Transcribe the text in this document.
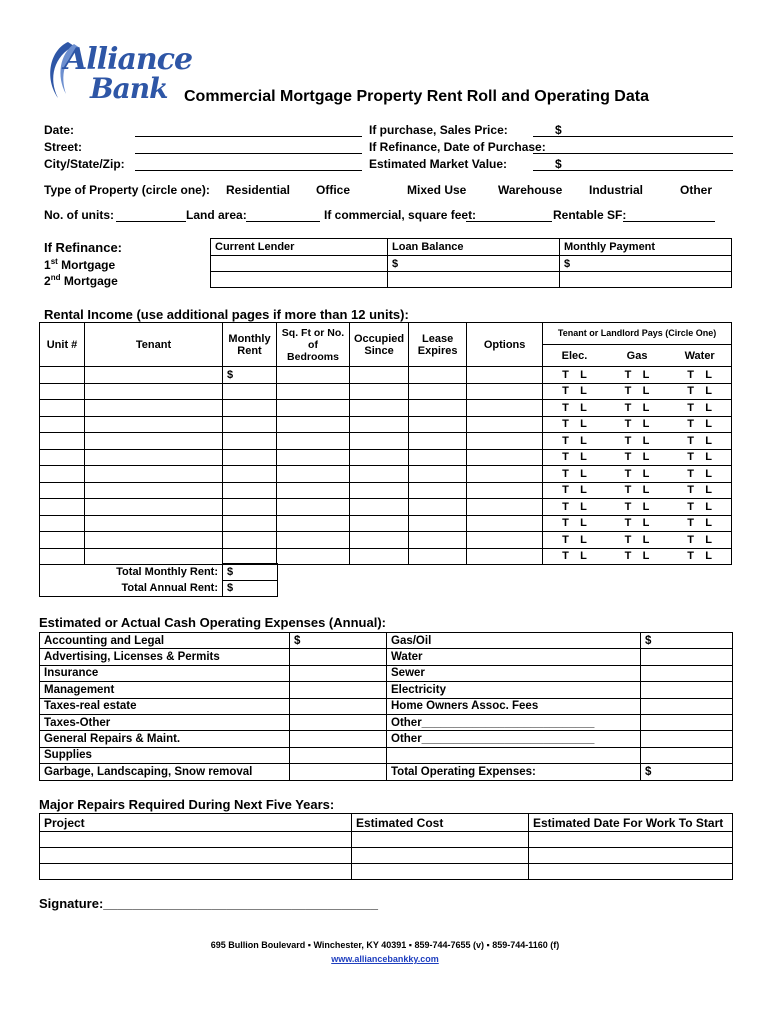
Alliance
Bank Commercial Mortgage Property Rent Roll and Operating Data
Date:
Street:
City/State/Zip:
If purchase, Sales Price:
If Refinance, Date of Purchase:
Estimated Market Value:
$
$
Type of Property (circle one): Residential Office	Mixed Use	Warehouse Industrial	Other
No. of units:	Land area:	If commercial, square feet:	Rentable SF:
If Refinance:
1st Mortgage
2nd Mortgage
Current Lender	Loan Balance	Monthly Payment
	$	$

Rental Income (use additional pages if more than 12 units):
Unit #	Tenant	Monthly Rent	Sq. Ft or No. of Bedrooms	Occupied Since	Lease Expires	Options	Tenant or Landlord Pays (Circle One)		
							Elec.	Gas	Water
		$					T L	T L	T L
							T L	T L	T L
							T L	T L	T L
							T L	T L	T L
							T L	T L	T L
							T L	T L	T L
							T L	T L	T L
							T L	T L	T L
							T L	T L	T L
							T L	T L	T L
							T L	T L	T L
							T L	T L	T L
Total Monthly Rent:	$
Total Annual Rent:	$
Estimated or Actual Cash Operating Expenses (Annual):
Accounting and Legal	$	Gas/Oil	$
Advertising, Licenses & Permits		Water	
Insurance		Sewer	
Management		Electricity	
Taxes-real estate		Home Owners Assoc. Fees	
Taxes-Other		Other___________________________	
General Repairs & Maint.		Other___________________________	
Supplies			
Garbage, Landscaping, Snow removal		Total Operating Expenses:	$
Major Repairs Required During Next Five Years:
Project	Estimated Cost	Estimated Date For Work To Start

Signature:______________________________________
695 Bullion Boulevard ▪ Winchester, KY 40391 ▪ 859-744-7655 (v) ▪ 859-744-1160 (f)
www.alliancebankky.com
